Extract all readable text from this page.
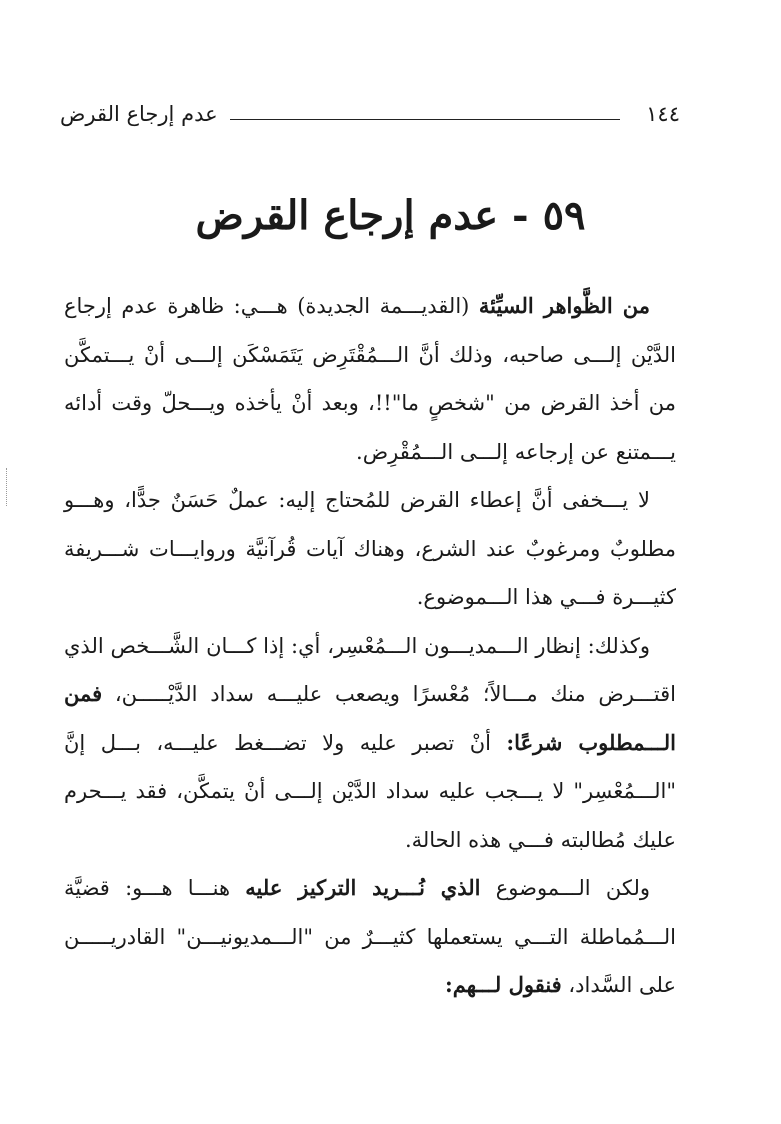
١٤٤
عدم إرجاع القرض
٥٩ - عدم إرجاع القرض

من الظَّواهر السيِّئة (القديـــمة الجديدة) هـــي: ظاهرة عدم إرجاع الدَّيْن إلـــى صاحبه، وذلك أنَّ الـــمُقْتَرِض يَتَمَسْكَن إلـــى أنْ يـــتمكَّن من أخذ القرض من "شخصٍ ما"!!، وبعد أنْ يأخذه ويـــحلّ وقت أدائه يـــمتنع عن إرجاعه إلـــى الـــمُقْرِض.

لا يـــخفى أنَّ إعطاء القرض للمُحتاج إليه: عملٌ حَسَنٌ جدًّا، وهـــو مطلوبٌ ومرغوبٌ عند الشرع، وهناك آيات قُرآنيَّة وروايـــات شـــريفة كثيـــرة فـــي هذا الـــموضوع.

وكذلك: إنظار الـــمديـــون الـــمُعْسِر، أي: إذا كـــان الشَّـــخص الذي اقتـــرض منك مـــالاً؛ مُعْسرًا ويصعب عليـــه سداد الدَّيْـــــن، فمن الـــمطلوب شرعًا: أنْ تصبر عليه ولا تضـــغط عليـــه، بـــل إنَّ "الـــمُعْسِر" لا يـــجب عليه سداد الدَّيْن إلـــى أنْ يتمكَّن، فقد يـــحرم عليك مُطالبته فـــي هذه الحالة.

ولكن الـــموضوع الذي نُـــريد التركيز عليه هنـــا هـــو: قضيَّة الـــمُماطلة التـــي يستعملها كثيـــرٌ من "الـــمديونيـــن" القادريـــــن على السَّداد، فنقول لـــهم:
